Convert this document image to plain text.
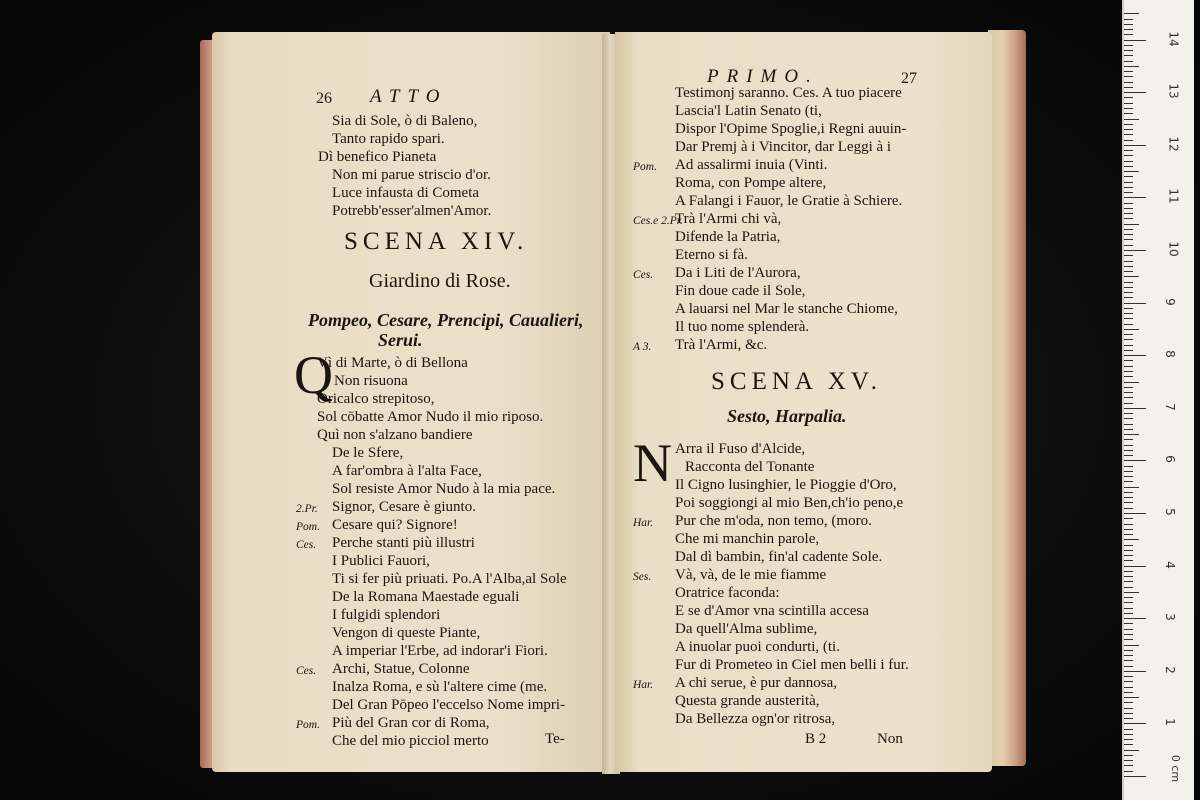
26 ATTO
Sia di Sole, ò di Baleno,
Tanto rapido spari.
Dì benefico Pianeta
Non mi parue striscio d'or.
Luce infausta di Cometa
Potrebb'esser'almen'Amor.
SCENA XIV.
Giardino di Rose.
Pompeo, Cesare, Prencipi, Caualieri,
Serui.
Q
Vì di Marte, ò di Bellona
Non risuona
Oricalco strepitoso,
Sol cōbatte Amor Nudo il mio riposo.
Quì non s'alzano bandiere
De le Sfere,
A far'ombra à l'alta Face,
Sol resiste Amor Nudo à la mia pace.
2.Pr. Signor, Cesare è giunto.
Pom. Cesare qui? Signore!
Ces. Perche stanti più illustri
I Publici Fauori,
Ti si fer più priuati. Po.A l'Alba,al Sole
De la Romana Maestade eguali
I fulgidi splendori
Vengon di queste Piante,
A imperiar l'Erbe, ad indorar'i Fiori.
Ces. Archi, Statue, Colonne
Inalza Roma, e sù l'altere cime (me.
Del Gran Pōpeo l'eccelso Nome impri-
Pom. Più del Gran cor di Roma,
Che del mio picciol merto	Te-
PRIMO.	27
Testimonj saranno. Ces. A tuo piacere
Lascia'l Latin Senato (ti,
Dispor l'Opime Spoglie,i Regni auuin-
Dar Premj à i Vincitor, dar Leggi à i
Pom. Ad assalirmi inuia (Vinti.
Roma, con Pompe altere,
A Falangi i Fauor, le Gratie à Schiere.
Ces.e 2.Pr.
Trà l'Armi chi và,
Difende la Patria,
Eterno si fà.
Ces. Da i Liti de l'Aurora,
Fin doue cade il Sole,
A lauarsi nel Mar le stanche Chiome,
Il tuo nome splenderà.
A 3. Trà l'Armi, &c.
SCENA XV.
Sesto, Harpalia.
N Arra il Fuso d'Alcide,
Racconta del Tonante
Il Cigno lusinghier, le Pioggie d'Oro,
Poi soggiongi al mio Ben,ch'io peno,e
Har. Pur che m'oda, non temo, (moro.
Che mi manchin parole,
Dal dì bambin, fin'al cadente Sole.
Ses. Và, và, de le mie fiamme
Oratrice faconda:
E se d'Amor vna scintilla accesa
Da quell'Alma sublime,
A inuolar puoi condurti, (ti.
Fur di Prometeo in Ciel men belli i fur.
Har. A chi serue, è pur dannosa,
Questa grande austerità,
Da Bellezza ogn'or ritrosa,
B 2	Non
1
2
3
4
5
6
7
8
9
10
11
12
13
14
0 cm
